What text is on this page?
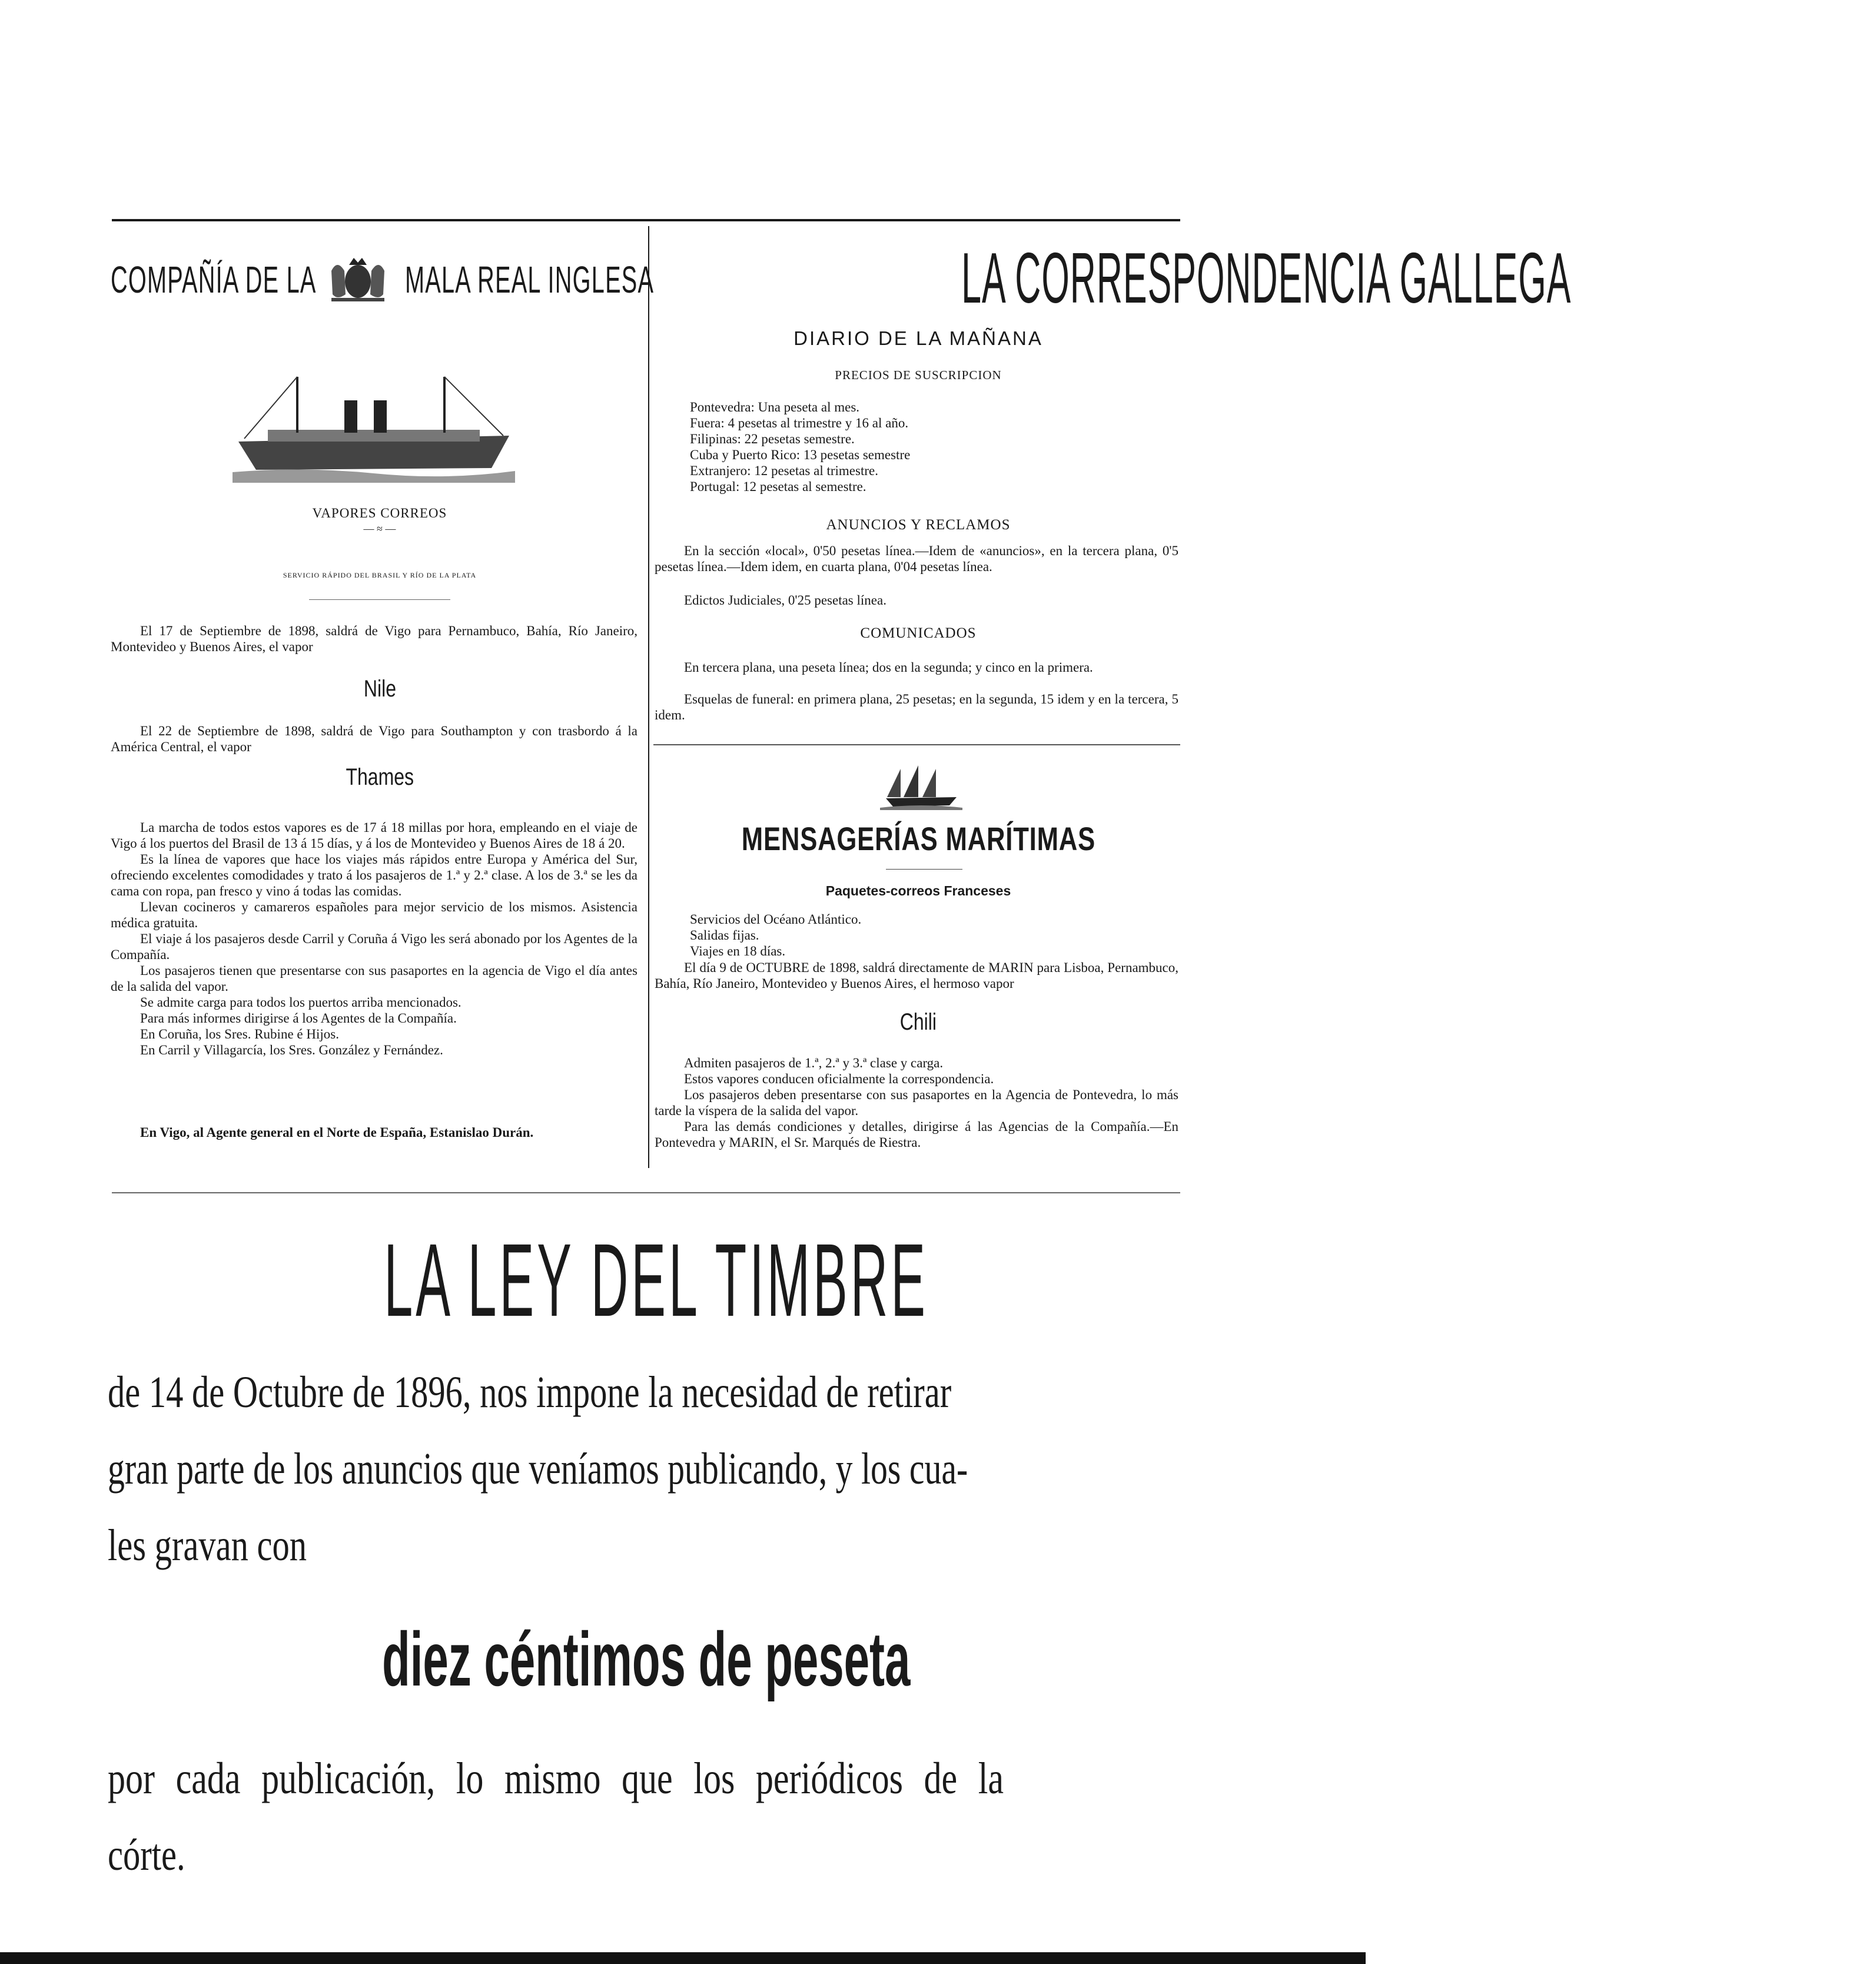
COMPAÑÍA DE LA MALA REAL INGLESA
VAPORES CORREOS
— ≈ —
SERVICIO RÁPIDO DEL BRASIL Y RÍO DE LA PLATA

El 17 de Septiembre de 1898, saldrá de Vigo para Pernambuco, Bahía, Río Janeiro, Montevideo y Buenos Aires, el vapor

Nile

El 22 de Septiembre de 1898, saldrá de Vigo para Southampton y con trasbordo á la América Central, el vapor

Thames

La marcha de todos estos vapores es de 17 á 18 millas por hora, empleando en el viaje de Vigo á los puertos del Brasil de 13 á 15 días, y á los de Montevideo y Buenos Aires de 18 á 20.

Es la línea de vapores que hace los viajes más rápidos entre Europa y América del Sur, ofreciendo excelentes comodidades y trato á los pasajeros de 1.ª y 2.ª clase. A los de 3.ª se les da cama con ropa, pan fresco y vino á todas las comidas.

Llevan cocineros y camareros españoles para mejor servicio de los mismos. Asistencia médica gratuita.

El viaje á los pasajeros desde Carril y Coruña á Vigo les será abonado por los Agentes de la Compañía.

Los pasajeros tienen que presentarse con sus pasaportes en la agencia de Vigo el día antes de la salida del vapor.

Se admite carga para todos los puertos arriba mencionados.

Para más informes dirigirse á los Agentes de la Compañía.

En Coruña, los Sres. Rubine é Hijos.

En Carril y Villagarcía, los Sres. González y Fernández.

En Vigo, al Agente general en el Norte de España, Estanislao Durán.

LA CORRESPONDENCIA GALLEGA
DIARIO DE LA MAÑANA
PRECIOS DE SUSCRIPCION

Pontevedra: Una peseta al mes.

Fuera: 4 pesetas al trimestre y 16 al año.

Filipinas: 22 pesetas semestre.

Cuba y Puerto Rico: 13 pesetas semestre

Extranjero: 12 pesetas al trimestre.

Portugal: 12 pesetas al semestre.

ANUNCIOS Y RECLAMOS

En la sección «local», 0'50 pesetas línea.—Idem de «anuncios», en la tercera plana, 0'5 pesetas línea.—Idem idem, en cuarta plana, 0'04 pesetas línea.

Edictos Judiciales, 0'25 pesetas línea.

COMUNICADOS

En tercera plana, una peseta línea; dos en la segunda; y cinco en la primera.

Esquelas de funeral: en primera plana, 25 pesetas; en la segunda, 15 idem y en la tercera, 5 idem.

MENSAGERÍAS MARÍTIMAS
Paquetes-correos Franceses

Servicios del Océano Atlántico.

Salidas fijas.

Viajes en 18 días.

El día 9 de OCTUBRE de 1898, saldrá directamente de MARIN para Lisboa, Pernambuco, Bahía, Río Janeiro, Montevideo y Buenos Aires, el hermoso vapor

Chili

Admiten pasajeros de 1.ª, 2.ª y 3.ª clase y carga.

Estos vapores conducen oficialmente la correspondencia.

Los pasajeros deben presentarse con sus pasaportes en la Agencia de Pontevedra, lo más tarde la víspera de la salida del vapor.

Para las demás condiciones y detalles, dirigirse á las Agencias de la Compañía.—En Pontevedra y MARIN, el Sr. Marqués de Riestra.

LA LEY DEL TIMBRE
de 14 de Octubre de 1896, nos impone la necesidad de retirar
gran parte de los anuncios que veníamos publicando, y los cua-
les gravan con
diez céntimos de peseta
por cada publicación, lo mismo que los periódicos de la
córte.
